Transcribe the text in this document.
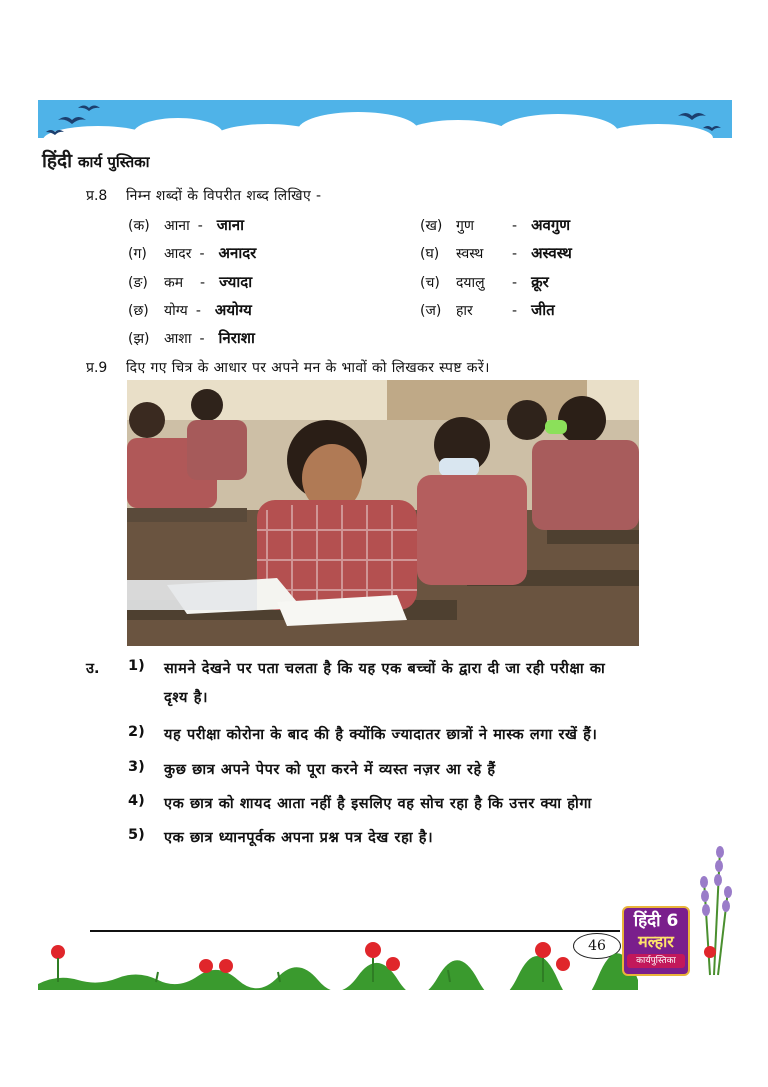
हिंदी कार्य पुस्तिका
प्र.8 निम्न शब्दों के विपरीत शब्द लिखिए -
(क)	आना - जाना	(ख) गुण	- अवगुण
(ग)	आदर - अनादर	(घ)	स्वस्थ	- अस्वस्थ
(ङ)	कम	- ज्यादा	(च)	दयालु	- क्रूर
(छ)	योग्य - अयोग्य	(ज)	हार	- जीत
(झ)	आशा - निराशा
प्र.9 दिए गए चित्र के आधार पर अपने मन के भावों को लिखकर स्पष्ट करें।
उ. 1) सामने देखने पर पता चलता है कि यह एक बच्चों के द्वारा दी जा रही परीक्षा का
दृश्य है।
2) यह परीक्षा कोरोना के बाद की है क्योंकि ज्यादातर छात्रों ने मास्क लगा रखें हैं।
3) कुछ छात्र अपने पेपर को पूरा करने में व्यस्त नज़र आ रहे हैं
4) एक छात्र को शायद आता नहीं है इसलिए वह सोच रहा है कि उत्तर क्या होगा
5) एक छात्र ध्यानपूर्वक अपना प्रश्न पत्र देख रहा है।
46
हिंदी 6
मल्हार
कार्यपुस्तिका
